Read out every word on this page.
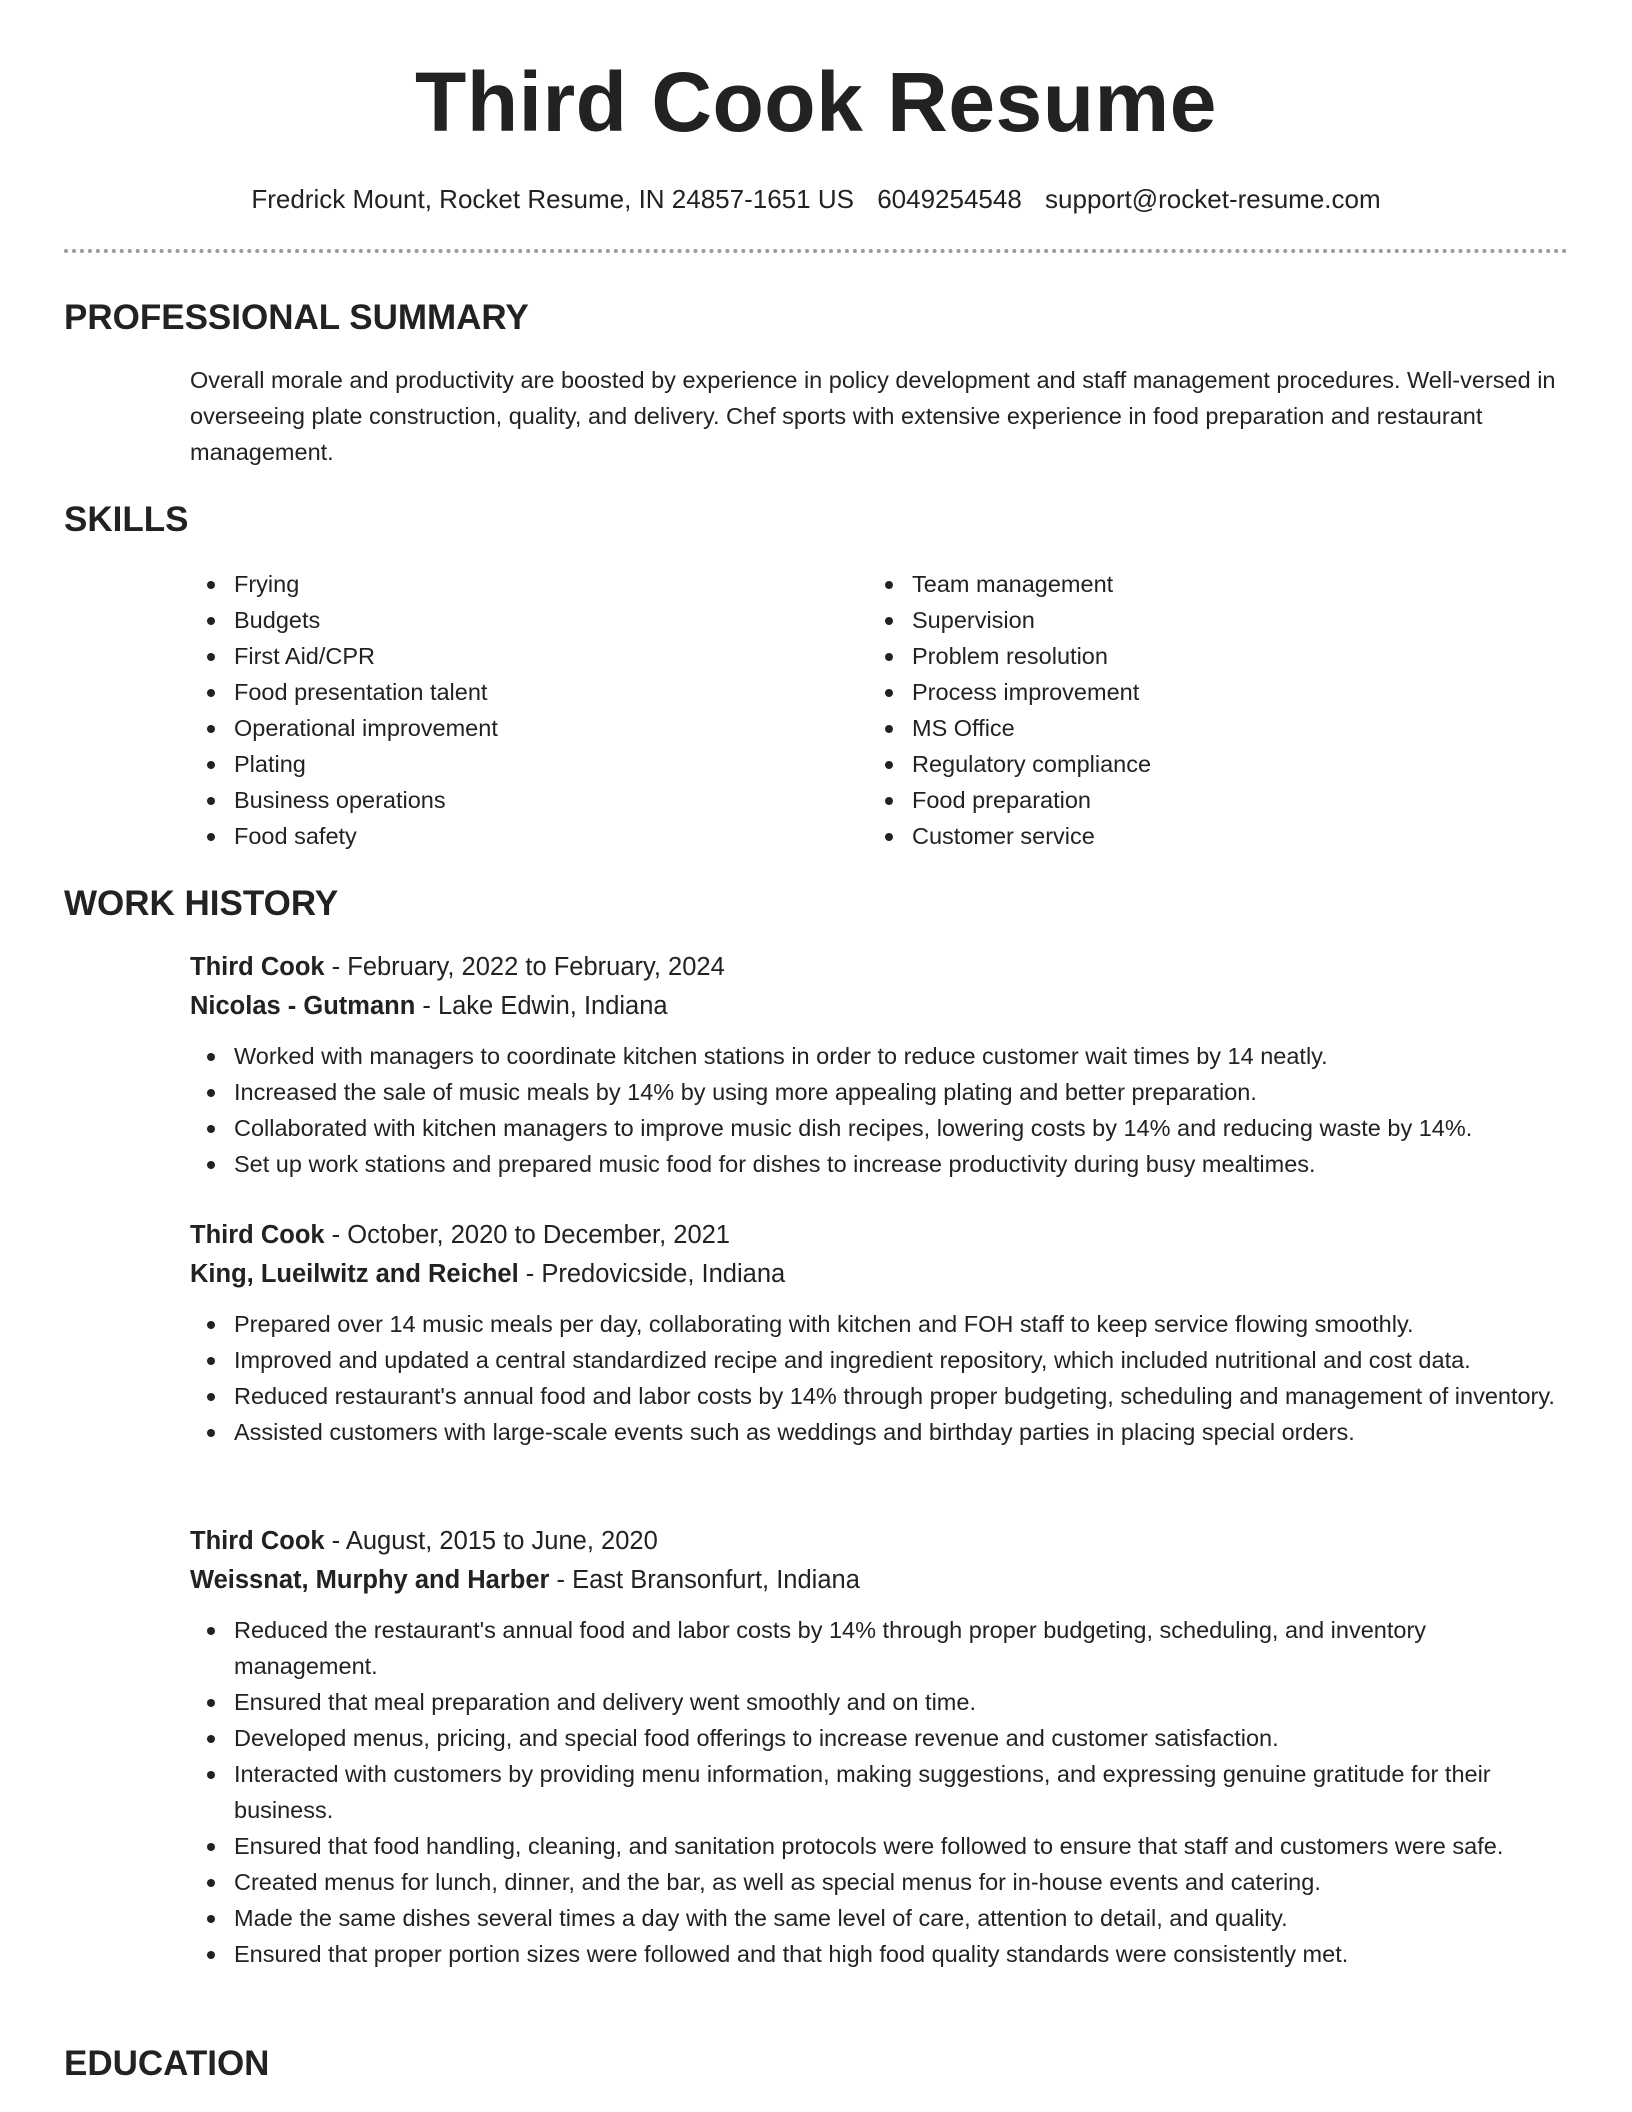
Third Cook Resume
Fredrick Mount, Rocket Resume, IN 24857-1651 US 6049254548 support@rocket-resume.com
PROFESSIONAL SUMMARY

Overall morale and productivity are boosted by experience in policy development and staff management procedures. Well-versed in overseeing plate construction, quality, and delivery. Chef sports with extensive experience in food preparation and restaurant management.

SKILLS
Frying
Budgets
First Aid/CPR
Food presentation talent
Operational improvement
Plating
Business operations
Food safety
Team management
Supervision
Problem resolution
Process improvement
MS Office
Regulatory compliance
Food preparation
Customer service
WORK HISTORY
Third Cook - February, 2022 to February, 2024
Nicolas - Gutmann - Lake Edwin, Indiana
Worked with managers to coordinate kitchen stations in order to reduce customer wait times by 14 neatly.
Increased the sale of music meals by 14% by using more appealing plating and better preparation.
Collaborated with kitchen managers to improve music dish recipes, lowering costs by 14% and reducing waste by 14%.
Set up work stations and prepared music food for dishes to increase productivity during busy mealtimes.
Third Cook - October, 2020 to December, 2021
King, Lueilwitz and Reichel - Predovicside, Indiana
Prepared over 14 music meals per day, collaborating with kitchen and FOH staff to keep service flowing smoothly.
Improved and updated a central standardized recipe and ingredient repository, which included nutritional and cost data.
Reduced restaurant's annual food and labor costs by 14% through proper budgeting, scheduling and management of inventory.
Assisted customers with large-scale events such as weddings and birthday parties in placing special orders.
Third Cook - August, 2015 to June, 2020
Weissnat, Murphy and Harber - East Bransonfurt, Indiana
Reduced the restaurant's annual food and labor costs by 14% through proper budgeting, scheduling, and inventory management.
Ensured that meal preparation and delivery went smoothly and on time.
Developed menus, pricing, and special food offerings to increase revenue and customer satisfaction.
Interacted with customers by providing menu information, making suggestions, and expressing genuine gratitude for their business.
Ensured that food handling, cleaning, and sanitation protocols were followed to ensure that staff and customers were safe.
Created menus for lunch, dinner, and the bar, as well as special menus for in-house events and catering.
Made the same dishes several times a day with the same level of care, attention to detail, and quality.
Ensured that proper portion sizes were followed and that high food quality standards were consistently met.
EDUCATION
